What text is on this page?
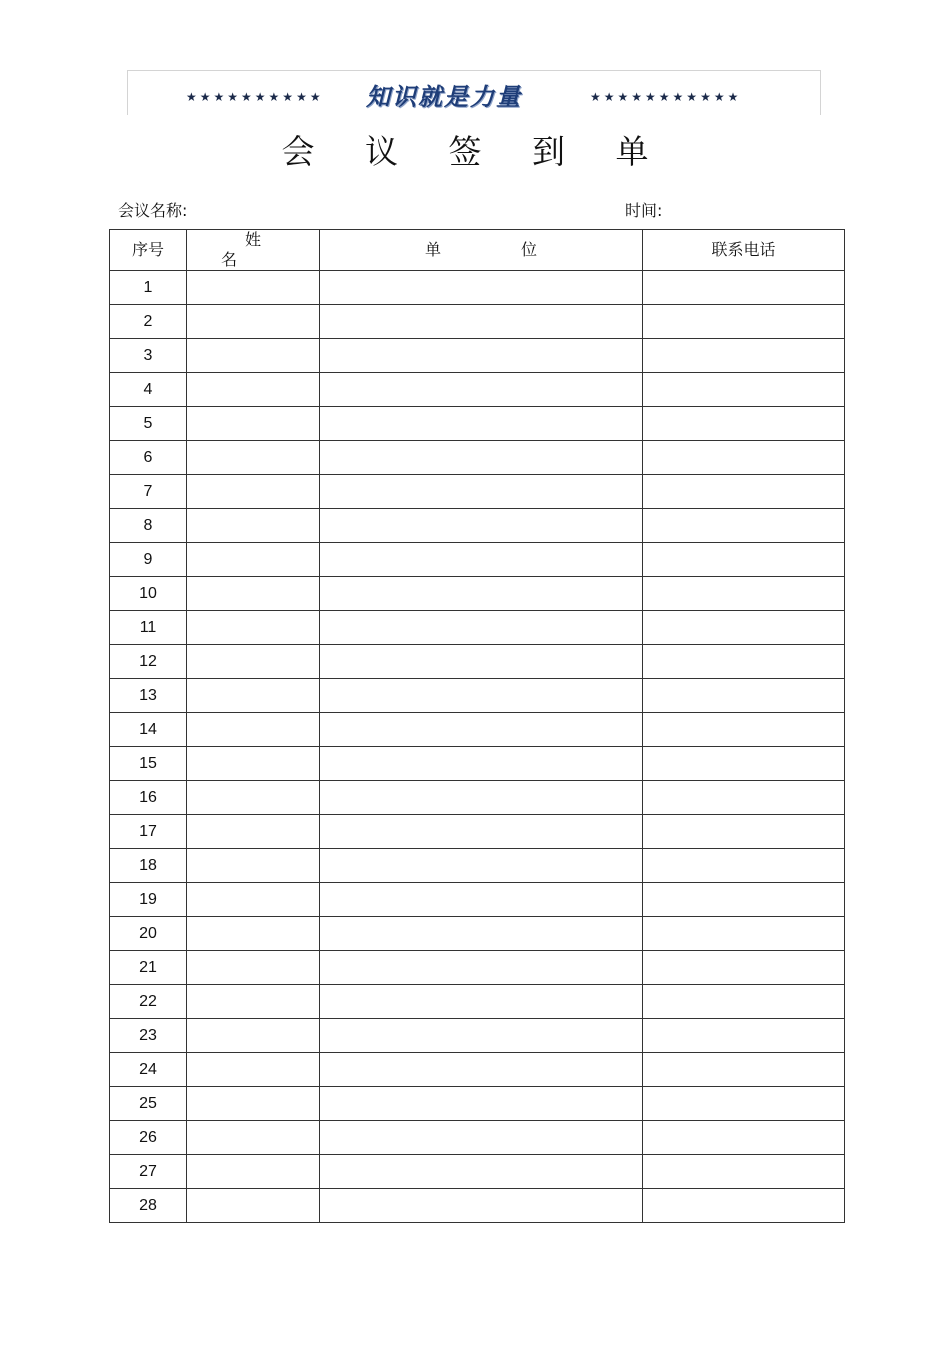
★★★★★★★★★★ 知识就是力量	★★★★★★★★★★★
会 议 签 到 单
会议名称:	时间:
序号	姓名	单位	联系电话
1			
2			
3			
4			
5			
6			
7			
8			
9			
10			
11			
12			
13			
14			
15			
16			
17			
18			
19			
20			
21			
22			
23			
24			
25			
26			
27			
28			
